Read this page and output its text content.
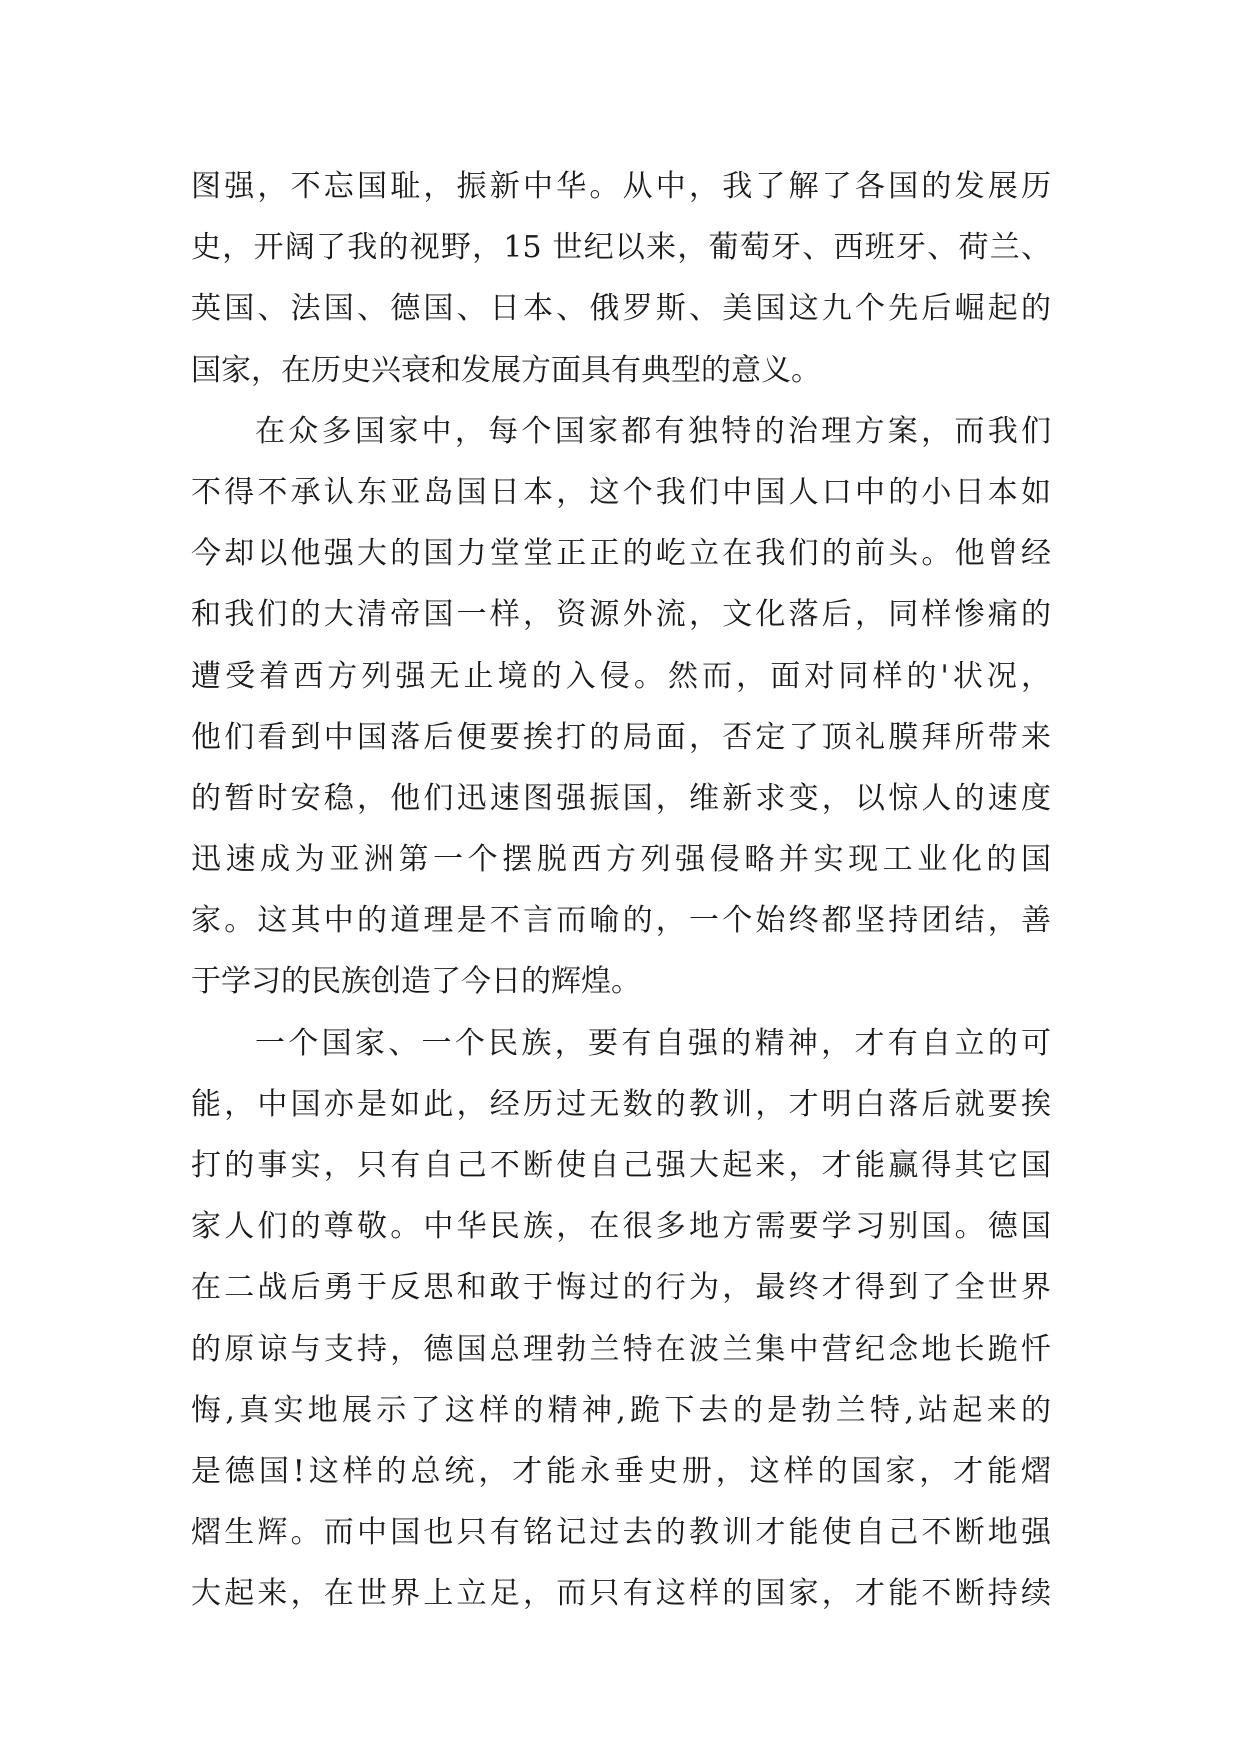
图强，不忘国耻，振新中华。从中，我了解了各国的发展历
史，开阔了我的视野，15 世纪以来，葡萄牙、西班牙、荷兰、
英国、法国、德国、日本、俄罗斯、美国这九个先后崛起的
国家，在历史兴衰和发展方面具有典型的意义。
在众多国家中，每个国家都有独特的治理方案，而我们
不得不承认东亚岛国日本，这个我们中国人口中的小日本如
今却以他强大的国力堂堂正正的屹立在我们的前头。他曾经
和我们的大清帝国一样，资源外流，文化落后，同样惨痛的
遭受着西方列强无止境的入侵。然而，面对同样的'状况，
他们看到中国落后便要挨打的局面，否定了顶礼膜拜所带来
的暂时安稳，他们迅速图强振国，维新求变，以惊人的速度
迅速成为亚洲第一个摆脱西方列强侵略并实现工业化的国
家。这其中的道理是不言而喻的，一个始终都坚持团结，善
于学习的民族创造了今日的辉煌。
一个国家、一个民族，要有自强的精神，才有自立的可
能，中国亦是如此，经历过无数的教训，才明白落后就要挨
打的事实，只有自己不断使自己强大起来，才能赢得其它国
家人们的尊敬。中华民族，在很多地方需要学习别国。德国
在二战后勇于反思和敢于悔过的行为，最终才得到了全世界
的原谅与支持，德国总理勃兰特在波兰集中营纪念地长跪忏
悔,真实地展示了这样的精神,跪下去的是勃兰特,站起来的
是德国!这样的总统，才能永垂史册，这样的国家，才能熠
熠生辉。而中国也只有铭记过去的教训才能使自己不断地强
大起来，在世界上立足，而只有这样的国家，才能不断持续
